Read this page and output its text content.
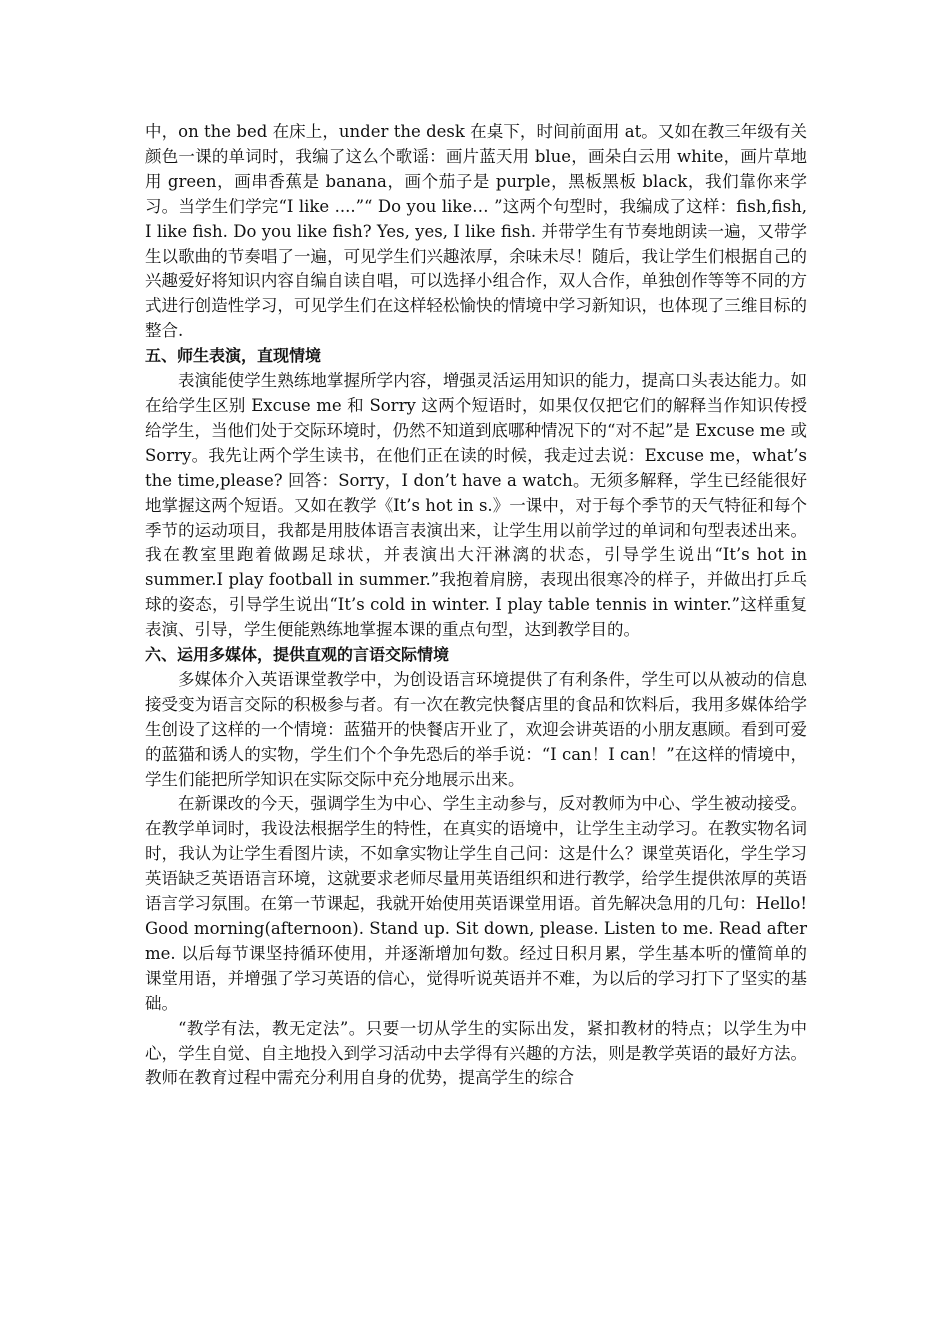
中，on the bed 在床上，under the desk 在桌下，时间前面用 at。又如在教三年级有关颜色一课的单词时，我编了这么个歌谣：画片蓝天用 blue，画朵白云用 white，画片草地用 green，画串香蕉是 banana，画个茄子是 purple，黑板黑板 black，我们靠你来学习。当学生们学完“I like ....”“ Do you like… ”这两个句型时，我编成了这样：fish,fish, I like fish. Do you like fish? Yes, yes, I like fish. 并带学生有节奏地朗读一遍，又带学生以歌曲的节奏唱了一遍，可见学生们兴趣浓厚，余味未尽！随后，我让学生们根据自己的兴趣爱好将知识内容自编自读自唱，可以选择小组合作，双人合作，单独创作等等不同的方式进行创造性学习，可见学生们在这样轻松愉快的情境中学习新知识，也体现了三维目标的整合.

五、师生表演，直现情境

表演能使学生熟练地掌握所学内容，增强灵活运用知识的能力，提高口头表达能力。如在给学生区别 Excuse me 和 Sorry 这两个短语时，如果仅仅把它们的解释当作知识传授给学生，当他们处于交际环境时，仍然不知道到底哪种情况下的“对不起”是 Excuse me 或 Sorry。我先让两个学生读书，在他们正在读的时候，我走过去说：Excuse me，what’s the time,please? 回答：Sorry，I don’t have a watch。无须多解释，学生已经能很好地掌握这两个短语。又如在教学《It’s hot in s.》一课中，对于每个季节的天气特征和每个季节的运动项目，我都是用肢体语言表演出来，让学生用以前学过的单词和句型表述出来。我在教室里跑着做踢足球状，并表演出大汗淋漓的状态，引导学生说出“It’s hot in summer.I play football in summer.”我抱着肩膀，表现出很寒冷的样子，并做出打乒乓球的姿态，引导学生说出“It’s cold in winter. I play table tennis in winter.”这样重复表演、引导，学生便能熟练地掌握本课的重点句型，达到教学目的。

六、运用多媒体，提供直观的言语交际情境

多媒体介入英语课堂教学中，为创设语言环境提供了有利条件，学生可以从被动的信息接受变为语言交际的积极参与者。有一次在教完快餐店里的食品和饮料后，我用多媒体给学生创设了这样的一个情境：蓝猫开的快餐店开业了，欢迎会讲英语的小朋友惠顾。看到可爱的蓝猫和诱人的实物，学生们个个争先恐后的举手说：“I can！I can！”在这样的情境中，学生们能把所学知识在实际交际中充分地展示出来。

在新课改的今天，强调学生为中心、学生主动参与，反对教师为中心、学生被动接受。在教学单词时，我设法根据学生的特性，在真实的语境中，让学生主动学习。在教实物名词时，我认为让学生看图片读，不如拿实物让学生自己问：这是什么？课堂英语化，学生学习英语缺乏英语语言环境，这就要求老师尽量用英语组织和进行教学，给学生提供浓厚的英语语言学习氛围。在第一节课起，我就开始使用英语课堂用语。首先解决急用的几句：Hello! Good morning(afternoon). Stand up. Sit down, please. Listen to me. Read after me. 以后每节课坚持循环使用，并逐渐增加句数。经过日积月累，学生基本听的懂简单的课堂用语，并增强了学习英语的信心，觉得听说英语并不难，为以后的学习打下了坚实的基础。

“教学有法，教无定法”。只要一切从学生的实际出发，紧扣教材的特点；以学生为中心，学生自觉、自主地投入到学习活动中去学得有兴趣的方法，则是教学英语的最好方法。教师在教育过程中需充分利用自身的优势，提高学生的综合
